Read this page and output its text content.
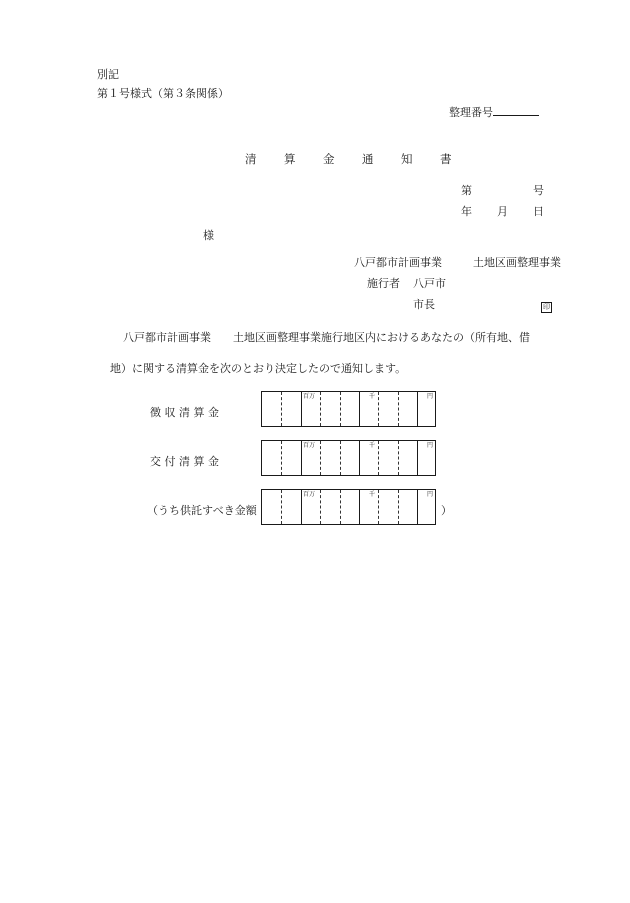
別記
第１号様式（第３条関係）
整理番号
清 算 金 通 知 書
第	号
年 月 日
様
八戸都市計画事業	土地区画整理事業
施行者 八戸市
市長	印
八戸都市計画事業　　土地区画整理事業施行地区内におけるあなたの（所有地、借
地）に関する清算金を次のとおり決定したので通知します。
徴 収 清 算 金
百万	千	円
交 付 清 算 金
百万	千	円
（うち供託すべき金額
百万	千	円
）
